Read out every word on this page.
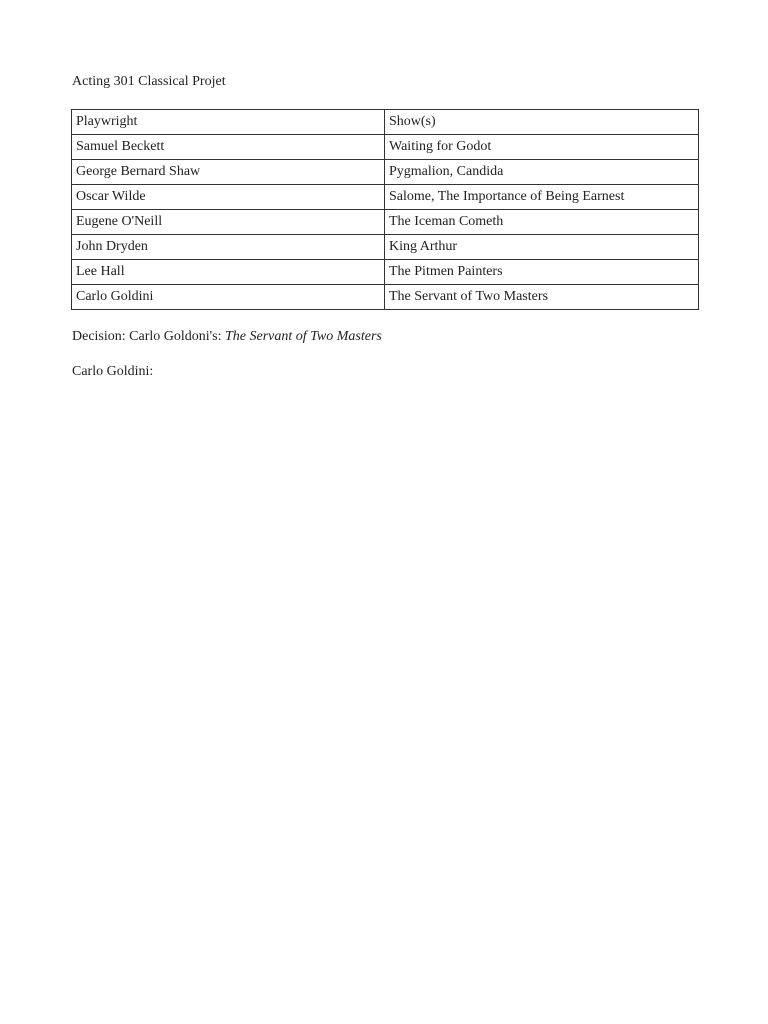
Acting 301 Classical Projet
Playwright	Show(s)
Samuel Beckett	Waiting for Godot
George Bernard Shaw	Pygmalion, Candida
Oscar Wilde	Salome, The Importance of Being Earnest
Eugene O'Neill	The Iceman Cometh
John Dryden	King Arthur
Lee Hall	The Pitmen Painters
Carlo Goldini	The Servant of Two Masters
Decision: Carlo Goldoni's: The Servant of Two Masters
Carlo Goldini:
